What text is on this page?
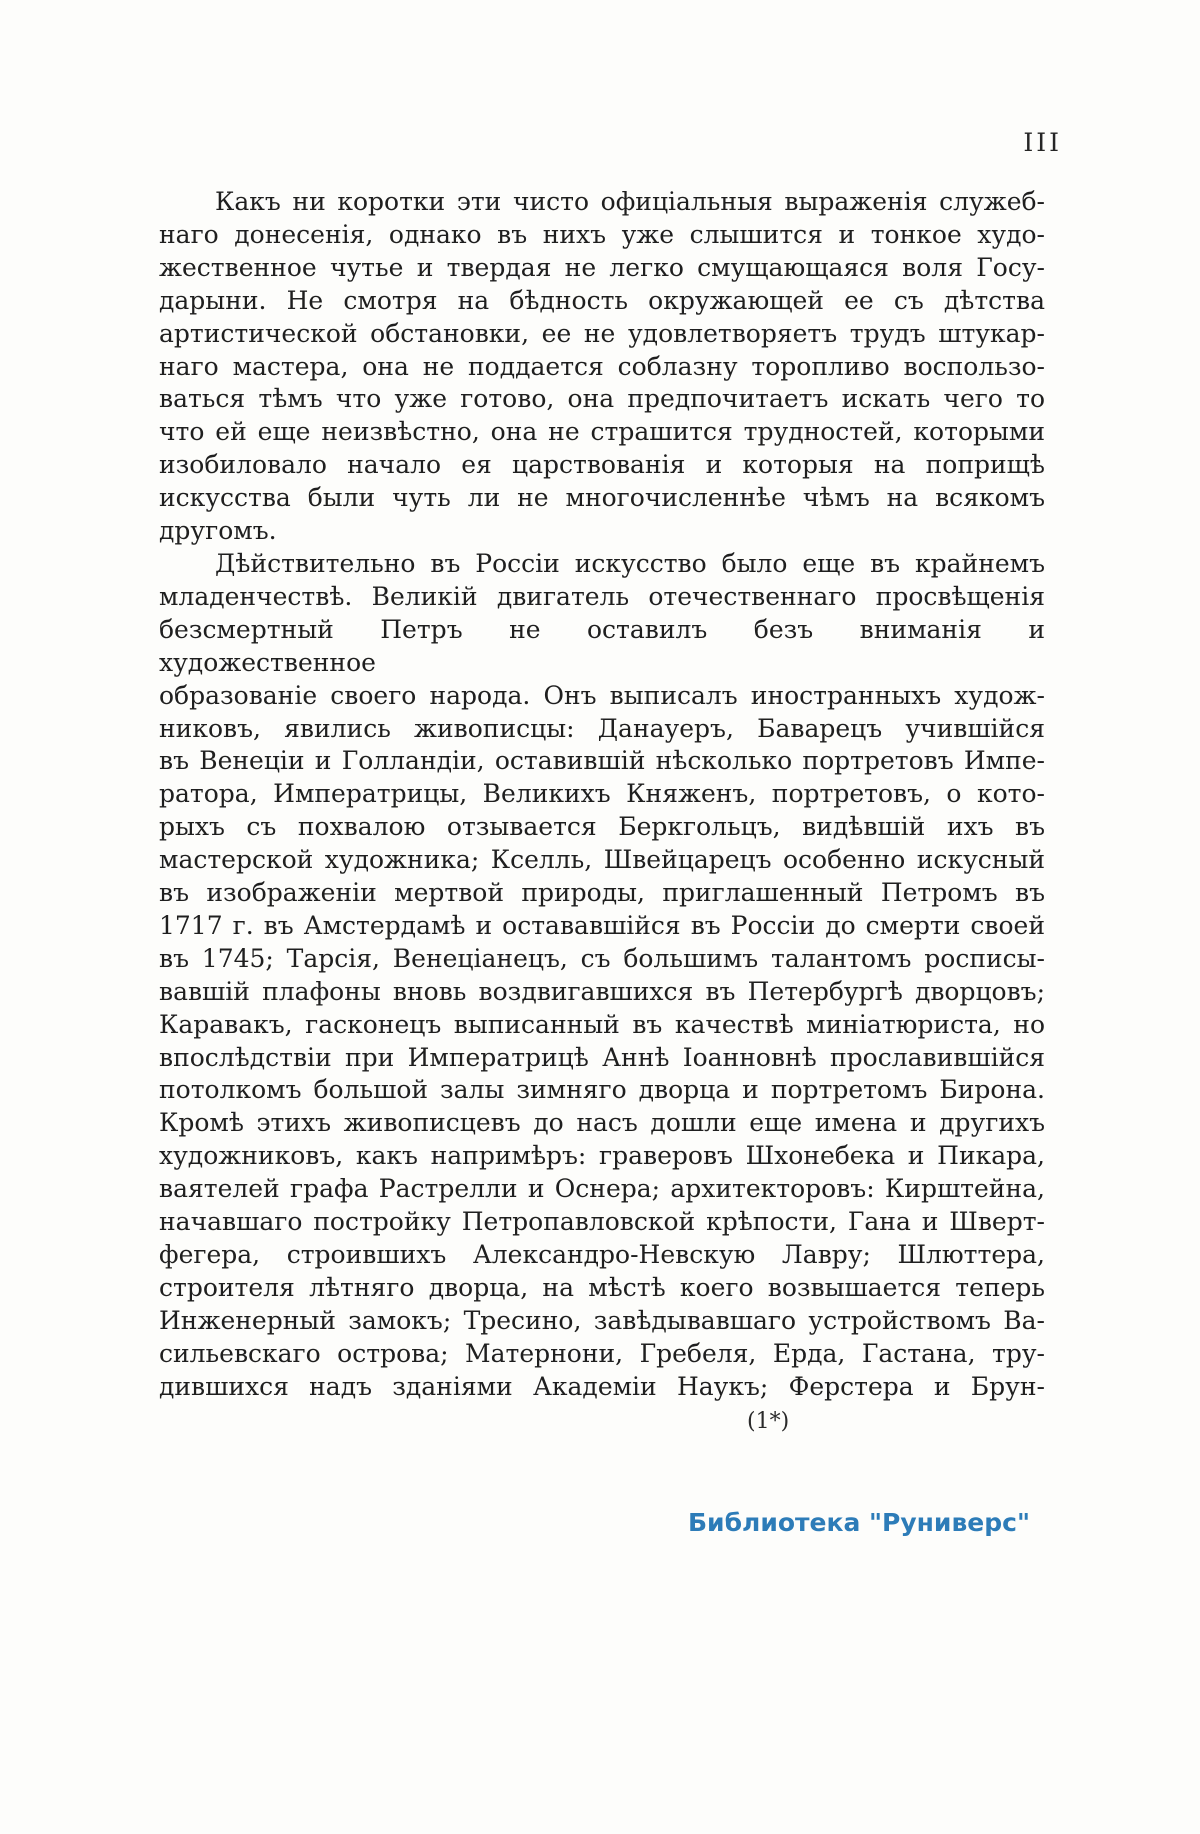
III
Какъ ни коротки эти чисто офиціальныя выраженія служеб-
наго донесенія, однако въ нихъ уже слышится и тонкое худо-
жественное чутье и твердая не легко смущающаяся воля Госу-
дарыни. Не смотря на бѣдность окружающей ее съ дѣтства
артистической обстановки, ее не удовлетворяетъ трудъ штукар-
наго мастера, она не поддается соблазну торопливо воспользо-
ваться тѣмъ что уже готово, она предпочитаетъ искать чего то
что ей еще неизвѣстно, она не страшится трудностей, которыми
изобиловало начало ея царствованія и которыя на поприщѣ
искусства были чуть ли не многочисленнѣе чѣмъ на всякомъ
другомъ.
Дѣйствительно въ Россіи искусство было еще въ крайнемъ
младенчествѣ. Великій двигатель отечественнаго просвѣщенія
безсмертный Петръ не оставилъ безъ вниманія и художественное
образованіе своего народа. Онъ выписалъ иностранныхъ худож-
никовъ, явились живописцы: Данауеръ, Баварецъ учившійся
въ Венеціи и Голландіи, оставившій нѣсколько портретовъ Импе-
ратора, Императрицы, Великихъ Княженъ, портретовъ, о кото-
рыхъ съ похвалою отзывается Беркгольцъ, видѣвшій ихъ въ
мастерской художника; Кселль, Швейцарецъ особенно искусный
въ изображеніи мертвой природы, приглашенный Петромъ въ
1717 г. въ Амстердамѣ и остававшійся въ Россіи до смерти своей
въ 1745; Тарсія, Венеціанецъ, съ большимъ талантомъ росписы-
вавшій плафоны вновь воздвигавшихся въ Петербургѣ дворцовъ;
Каравакъ, гасконецъ выписанный въ качествѣ миніатюриста, но
впослѣдствіи при Императрицѣ Аннѣ Іоанновнѣ прославившійся
потолкомъ большой залы зимняго дворца и портретомъ Бирона.
Кромѣ этихъ живописцевъ до насъ дошли еще имена и другихъ
художниковъ, какъ напримѣръ: граверовъ Шхонебека и Пикара,
ваятелей графа Растрелли и Оснера; архитекторовъ: Кирштейна,
начавшаго постройку Петропавловской крѣпости, Гана и Шверт-
фегера, строившихъ Александро-Невскую Лавру; Шлюттера,
строителя лѣтняго дворца, на мѣстѣ коего возвышается теперь
Инженерный замокъ; Тресино, завѣдывавшаго устройствомъ Ва-
сильевскаго острова; Матернони, Гребеля, Ерда, Гастана, тру-
дившихся надъ зданіями Академіи Наукъ; Ферстера и Брун-
(1*)
Библиотека "Руниверс"
